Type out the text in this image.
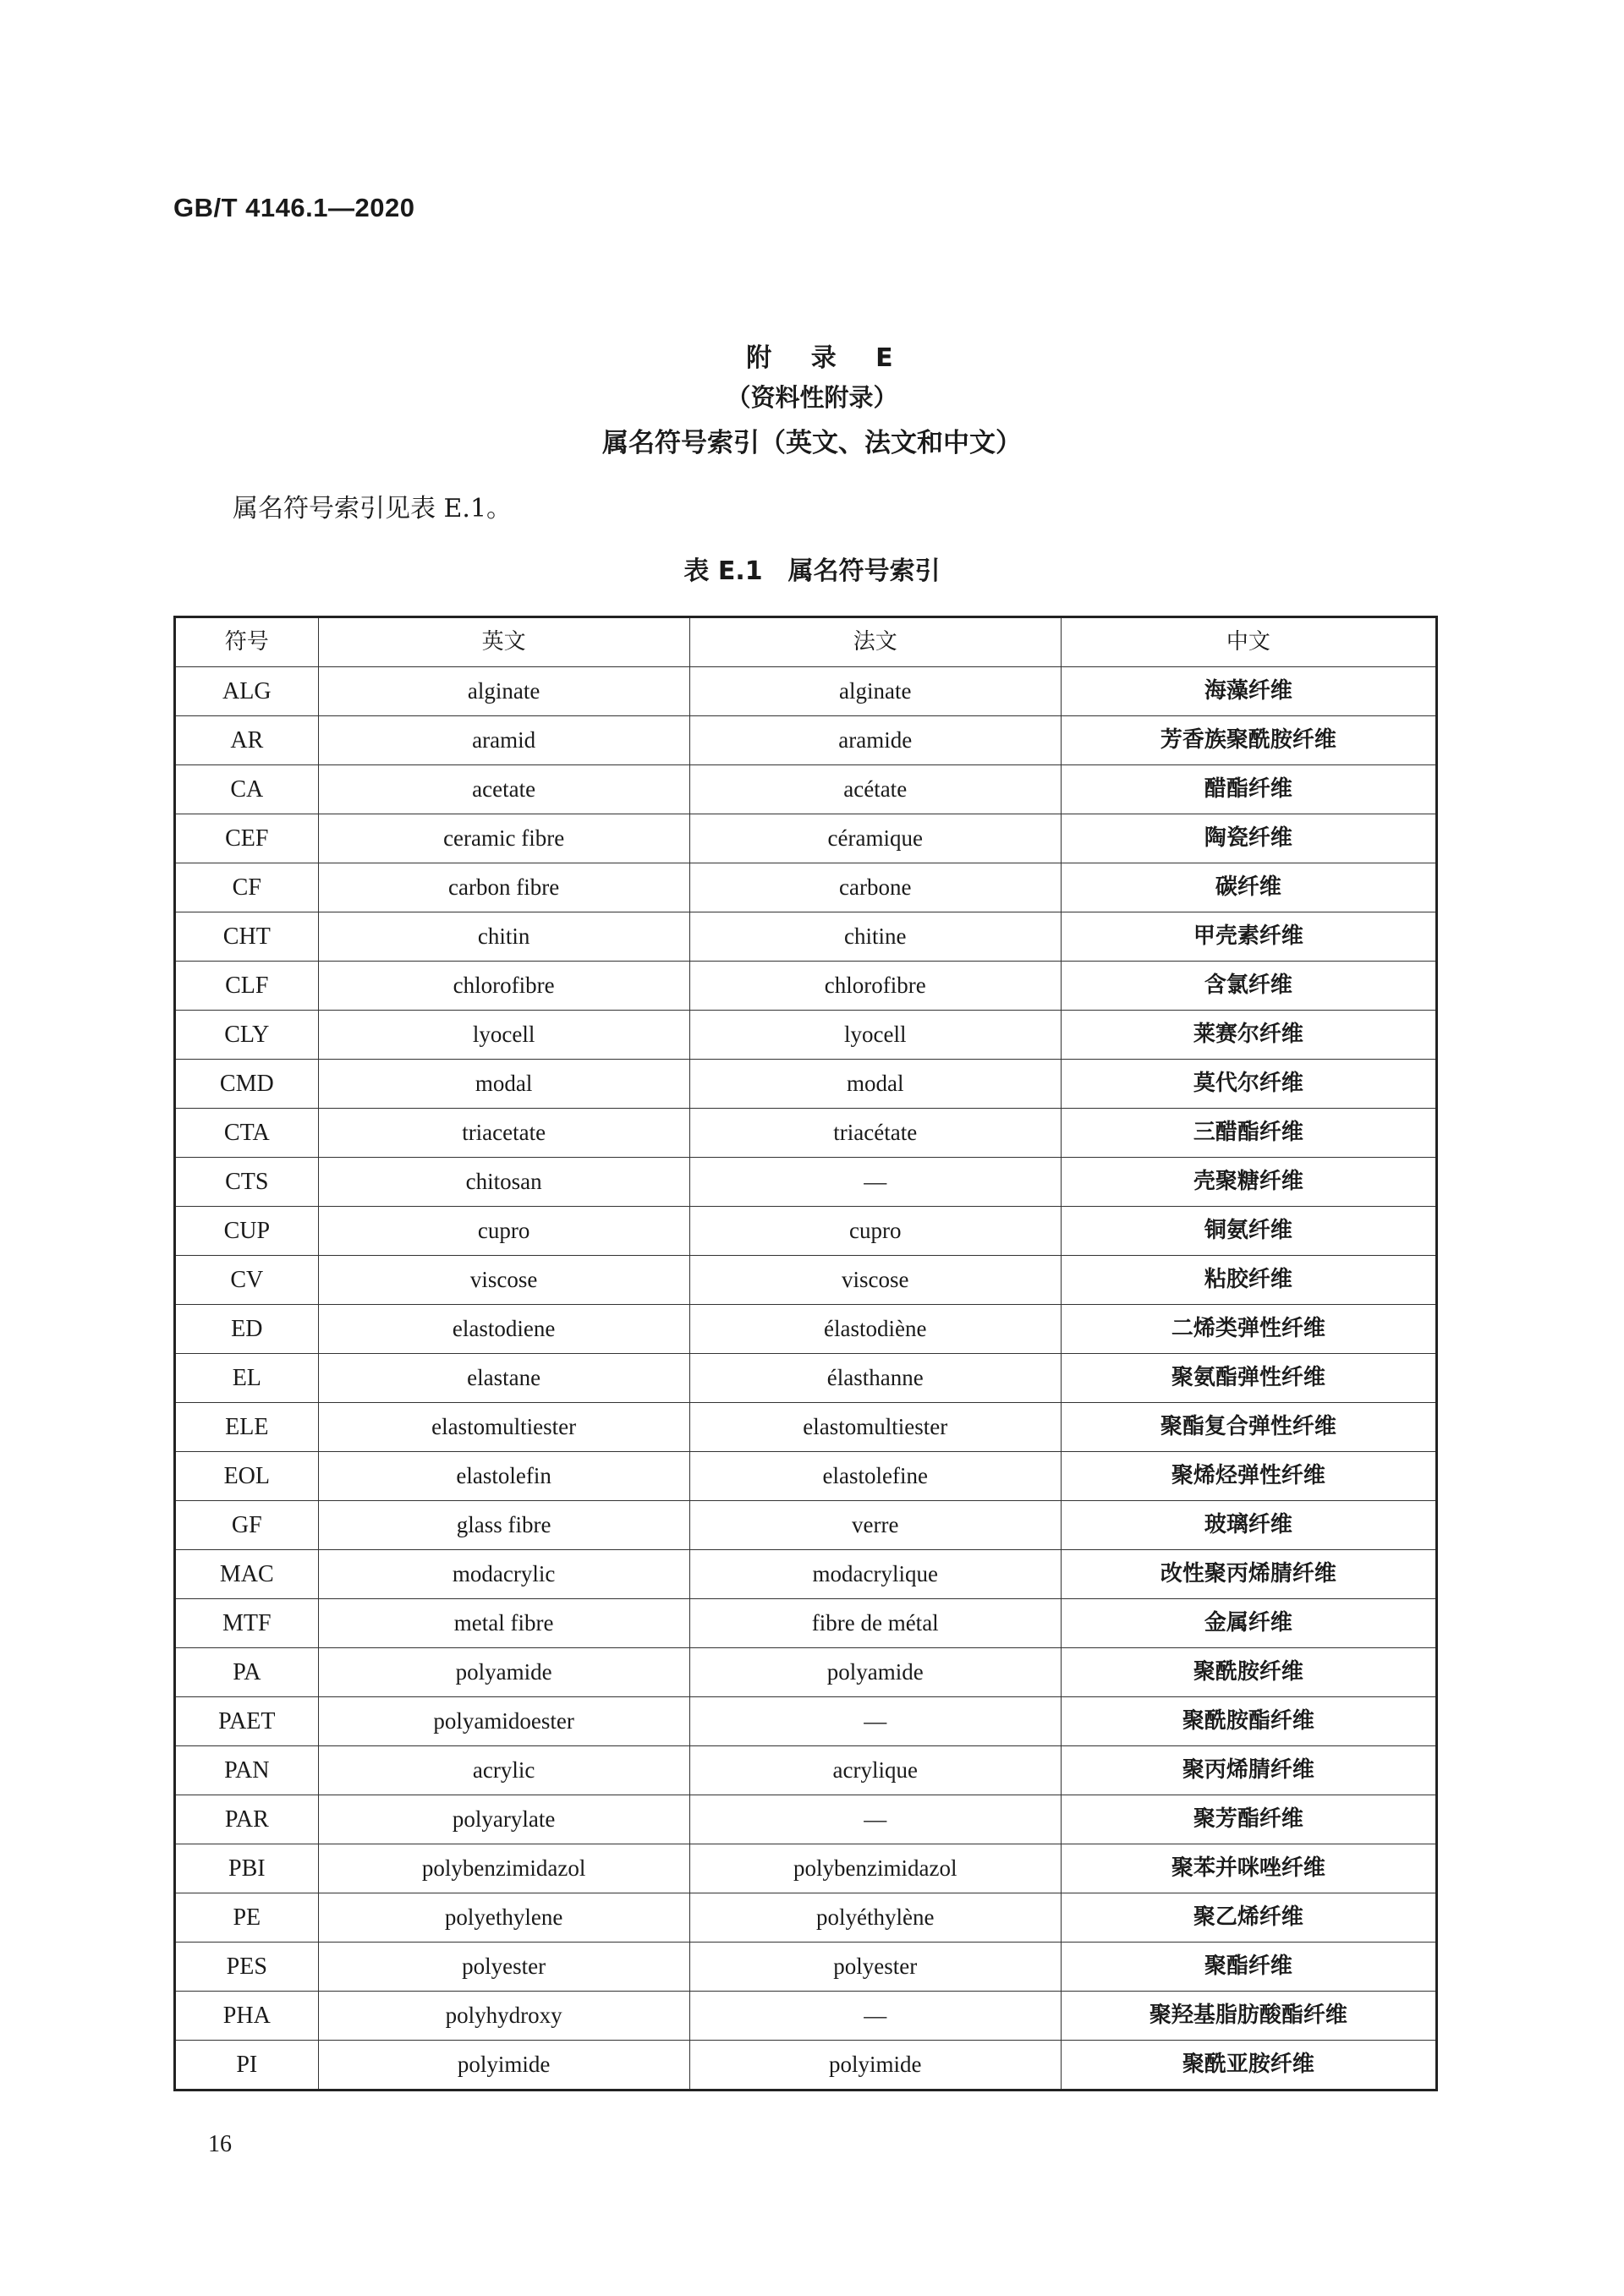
GB/T 4146.1—2020
附 录 E
（资料性附录）
属名符号索引（英文、法文和中文）
属名符号索引见表 E.1。
表 E.1 属名符号索引
符号	英文	法文	中文
ALG	alginate	alginate	海藻纤维
AR	aramid	aramide	芳香族聚酰胺纤维
CA	acetate	acétate	醋酯纤维
CEF	ceramic fibre	céramique	陶瓷纤维
CF	carbon fibre	carbone	碳纤维
CHT	chitin	chitine	甲壳素纤维
CLF	chlorofibre	chlorofibre	含氯纤维
CLY	lyocell	lyocell	莱赛尔纤维
CMD	modal	modal	莫代尔纤维
CTA	triacetate	triacétate	三醋酯纤维
CTS	chitosan	—	壳聚糖纤维
CUP	cupro	cupro	铜氨纤维
CV	viscose	viscose	粘胶纤维
ED	elastodiene	élastodiène	二烯类弹性纤维
EL	elastane	élasthanne	聚氨酯弹性纤维
ELE	elastomultiester	elastomultiester	聚酯复合弹性纤维
EOL	elastolefin	elastolefine	聚烯烃弹性纤维
GF	glass fibre	verre	玻璃纤维
MAC	modacrylic	modacrylique	改性聚丙烯腈纤维
MTF	metal fibre	fibre de métal	金属纤维
PA	polyamide	polyamide	聚酰胺纤维
PAET	polyamidoester	—	聚酰胺酯纤维
PAN	acrylic	acrylique	聚丙烯腈纤维
PAR	polyarylate	—	聚芳酯纤维
PBI	polybenzimidazol	polybenzimidazol	聚苯并咪唑纤维
PE	polyethylene	polyéthylène	聚乙烯纤维
PES	polyester	polyester	聚酯纤维
PHA	polyhydroxy	—	聚羟基脂肪酸酯纤维
PI	polyimide	polyimide	聚酰亚胺纤维
16
